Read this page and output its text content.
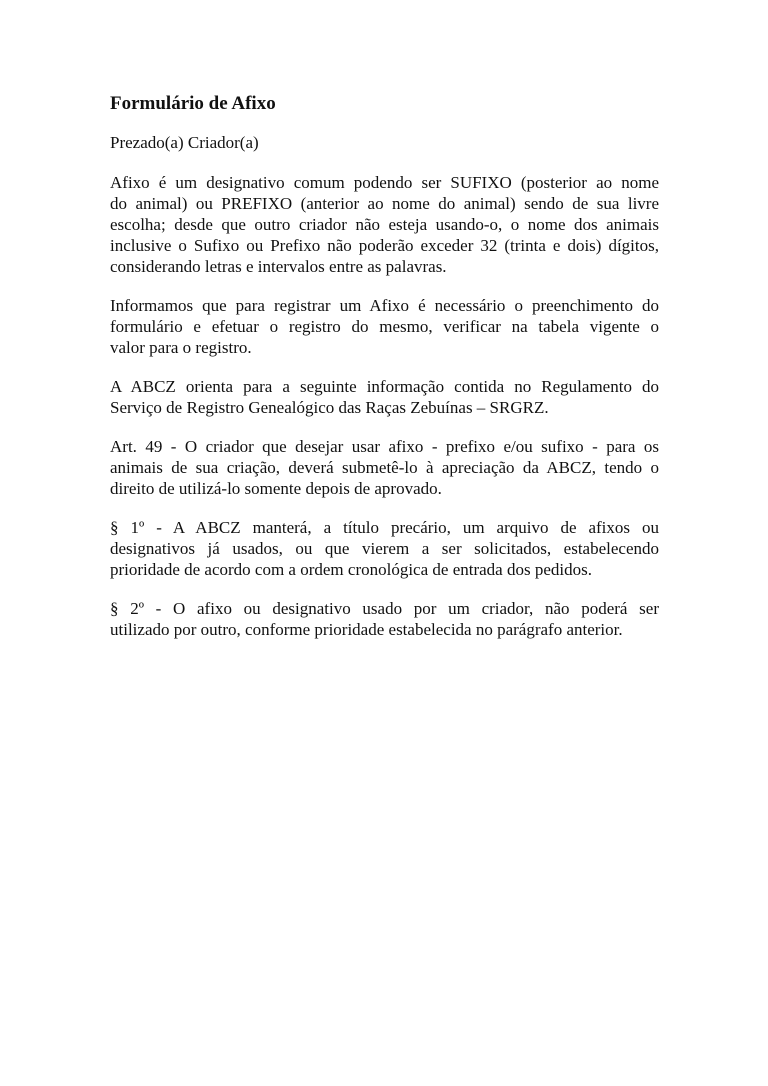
Formulário de Afixo
Prezado(a) Criador(a)
Afixo é um designativo comum podendo ser SUFIXO (posterior ao nome
do animal) ou PREFIXO (anterior ao nome do animal) sendo de sua livre
escolha; desde que outro criador não esteja usando-o, o nome dos animais
inclusive o Sufixo ou Prefixo não poderão exceder 32 (trinta e dois) dígitos,
considerando letras e intervalos entre as palavras.
Informamos que para registrar um Afixo é necessário o preenchimento do
formulário e efetuar o registro do mesmo, verificar na tabela vigente o
valor para o registro.
A ABCZ orienta para a seguinte informação contida no Regulamento do
Serviço de Registro Genealógico das Raças Zebuínas – SRGRZ.
Art. 49 - O criador que desejar usar afixo - prefixo e/ou sufixo - para os
animais de sua criação, deverá submetê-lo à apreciação da ABCZ, tendo o
direito de utilizá-lo somente depois de aprovado.
§ 1º - A ABCZ manterá, a título precário, um arquivo de afixos ou
designativos já usados, ou que vierem a ser solicitados, estabelecendo
prioridade de acordo com a ordem cronológica de entrada dos pedidos.
§ 2º - O afixo ou designativo usado por um criador, não poderá ser
utilizado por outro, conforme prioridade estabelecida no parágrafo anterior.
